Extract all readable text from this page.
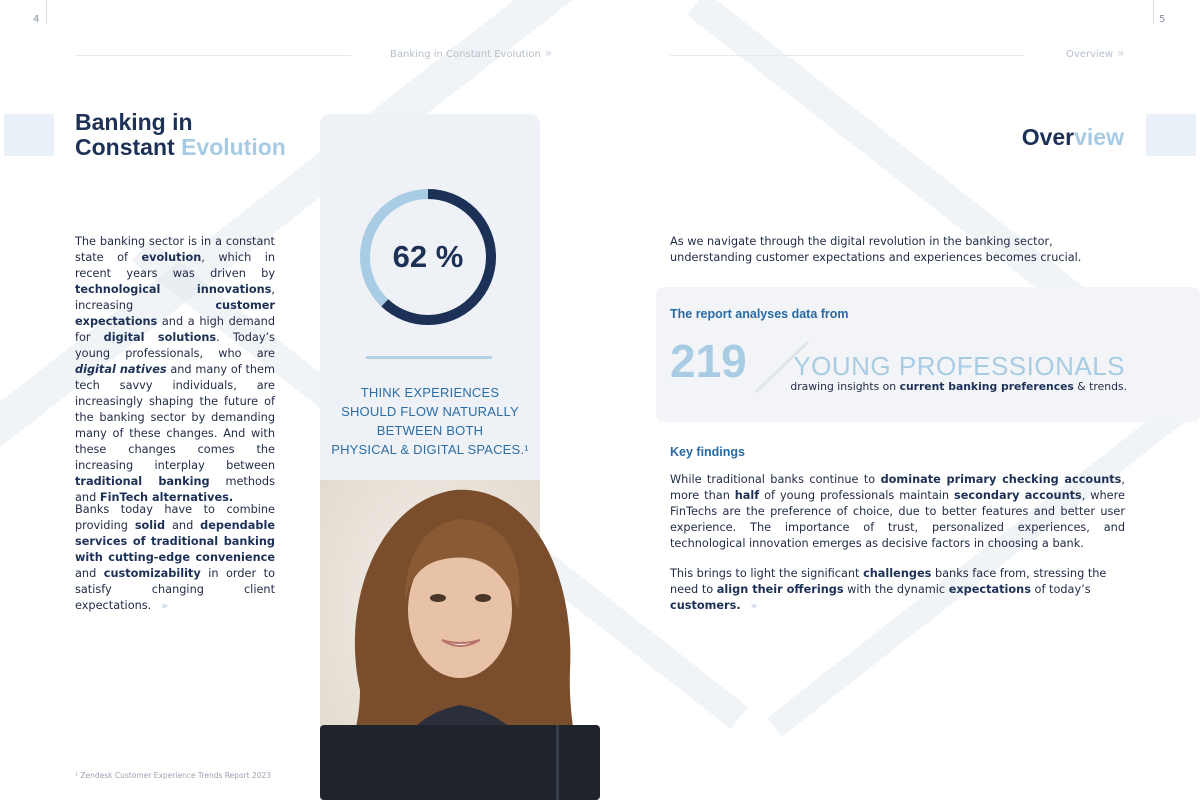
4	5
Banking in Constant Evolution »	Overview »
Banking in
Constant Evolution

The banking sector is in a constant state of evolution, which in recent years was driven by technological innovations, increasing customer expectations and a high demand for digital solutions. Today’s young professionals, who are digital natives and many of them tech savvy individuals, are increasingly shaping the future of the banking sector by demanding many of these changes. And with these changes comes the increasing interplay between traditional banking methods and FinTech alternatives.

Banks today have to combine providing solid and dependable services of traditional banking with cutting-edge convenience and customizability in order to satisfy changing client expectations. »

¹ Zendesk Customer Experience Trends Report 2023
62 %
THINK EXPERIENCES
SHOULD FLOW NATURALLY
BETWEEN BOTH
PHYSICAL & DIGITAL SPACES.¹
Overview

As we navigate through the digital revolution in the banking sector, understanding customer expectations and experiences becomes crucial.

The report analyses data from
219 YOUNG PROFESSIONALS
drawing insights on current banking preferences & trends.
Key findings

While traditional banks continue to dominate primary checking accounts, more than half of young professionals maintain secondary accounts, where FinTechs are the preference of choice, due to better features and better user experience. The importance of trust, personalized experiences, and technological innovation emerges as decisive factors in choosing a bank.

This brings to light the significant challenges banks face from, stressing the need to align their offerings with the dynamic expectations of today’s customers. »
